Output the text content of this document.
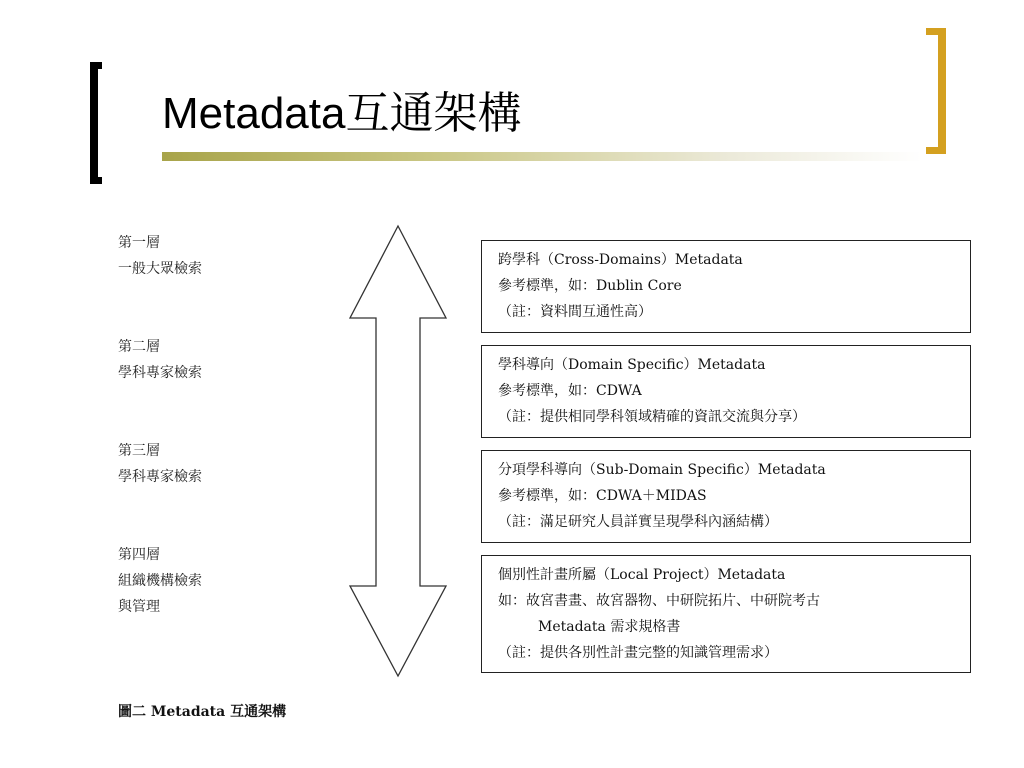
Metadata互通架構
第一層
一般大眾檢索
第二層
學科專家檢索
第三層
學科專家檢索
第四層
組織機構檢索
與管理
跨學科（Cross-Domains）Metadata
參考標準，如：Dublin Core
（註：資料間互通性高）
學科導向（Domain Specific）Metadata
參考標準，如：CDWA
（註：提供相同學科領域精確的資訊交流與分享）
分項學科導向（Sub-Domain Specific）Metadata
參考標準，如：CDWA＋MIDAS
（註：滿足研究人員詳實呈現學科內涵結構）
個別性計畫所屬（Local Project）Metadata
如：故宮書畫、故宮器物、中研院拓片、中研院考古
Metadata 需求規格書
（註：提供各別性計畫完整的知識管理需求）
圖二 Metadata 互通架構
